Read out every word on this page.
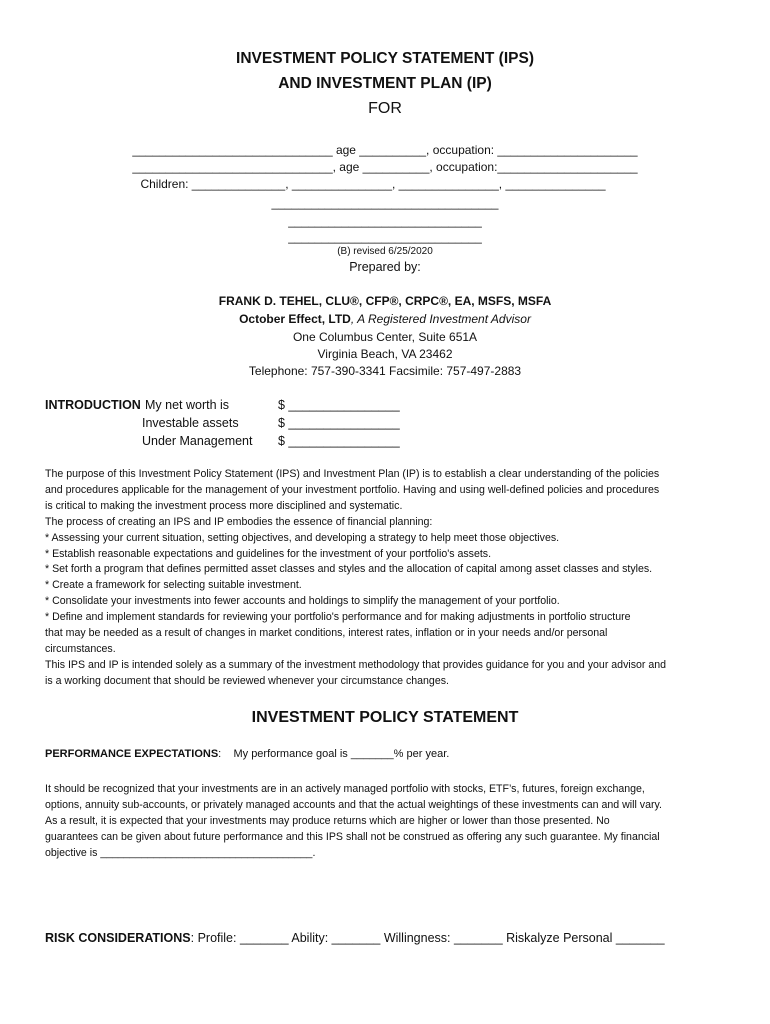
INVESTMENT POLICY STATEMENT (IPS)
AND INVESTMENT PLAN (IP)
FOR
______________________________ age __________, occupation: _____________________
______________________________, age __________, occupation:_____________________
Children: ______________, _______________, _______________, _______________
__________________________________
_____________________________
_____________________________
(B) revised 6/25/2020
Prepared by:
FRANK D. TEHEL, CLU®, CFP®, CRPC®, EA, MSFS, MSFA
October Effect, LTD, A Registered Investment Advisor
One Columbus Center, Suite 651A
Virginia Beach, VA 23462
Telephone: 757-390-3341 Facsimile: 757-497-2883
INTRODUCTION My net worth is	$ ________________
Investable assets	$ ________________
Under Management $ ________________

The purpose of this Investment Policy Statement (IPS) and Investment Plan (IP) is to establish a clear understanding of the policies

and procedures applicable for the management of your investment portfolio. Having and using well-defined policies and procedures

is critical to making the investment process more disciplined and systematic.

The process of creating an IPS and IP embodies the essence of financial planning:

* Assessing your current situation, setting objectives, and developing a strategy to help meet those objectives.

* Establish reasonable expectations and guidelines for the investment of your portfolio's assets.

* Set forth a program that defines permitted asset classes and styles and the allocation of capital among asset classes and styles.

* Create a framework for selecting suitable investment.

* Consolidate your investments into fewer accounts and holdings to simplify the management of your portfolio.

* Define and implement standards for reviewing your portfolio's performance and for making adjustments in portfolio structure

that may be needed as a result of changes in market conditions, interest rates, inflation or in your needs and/or personal

circumstances.

This IPS and IP is intended solely as a summary of the investment methodology that provides guidance for you and your advisor and

is a working document that should be reviewed whenever your circumstance changes.

INVESTMENT POLICY STATEMENT
PERFORMANCE EXPECTATIONS: My performance goal is _______% per year.

It should be recognized that your investments are in an actively managed portfolio with stocks, ETF’s, futures, foreign exchange,

options, annuity sub-accounts, or privately managed accounts and that the actual weightings of these investments can and will vary.

As a result, it is expected that your investments may produce returns which are higher or lower than those presented. No

guarantees can be given about future performance and this IPS shall not be construed as offering any such guarantee. My financial

objective is ____________________________________.

RISK CONSIDERATIONS: Profile: _______ Ability: _______ Willingness: _______ Riskalyze Personal _______
